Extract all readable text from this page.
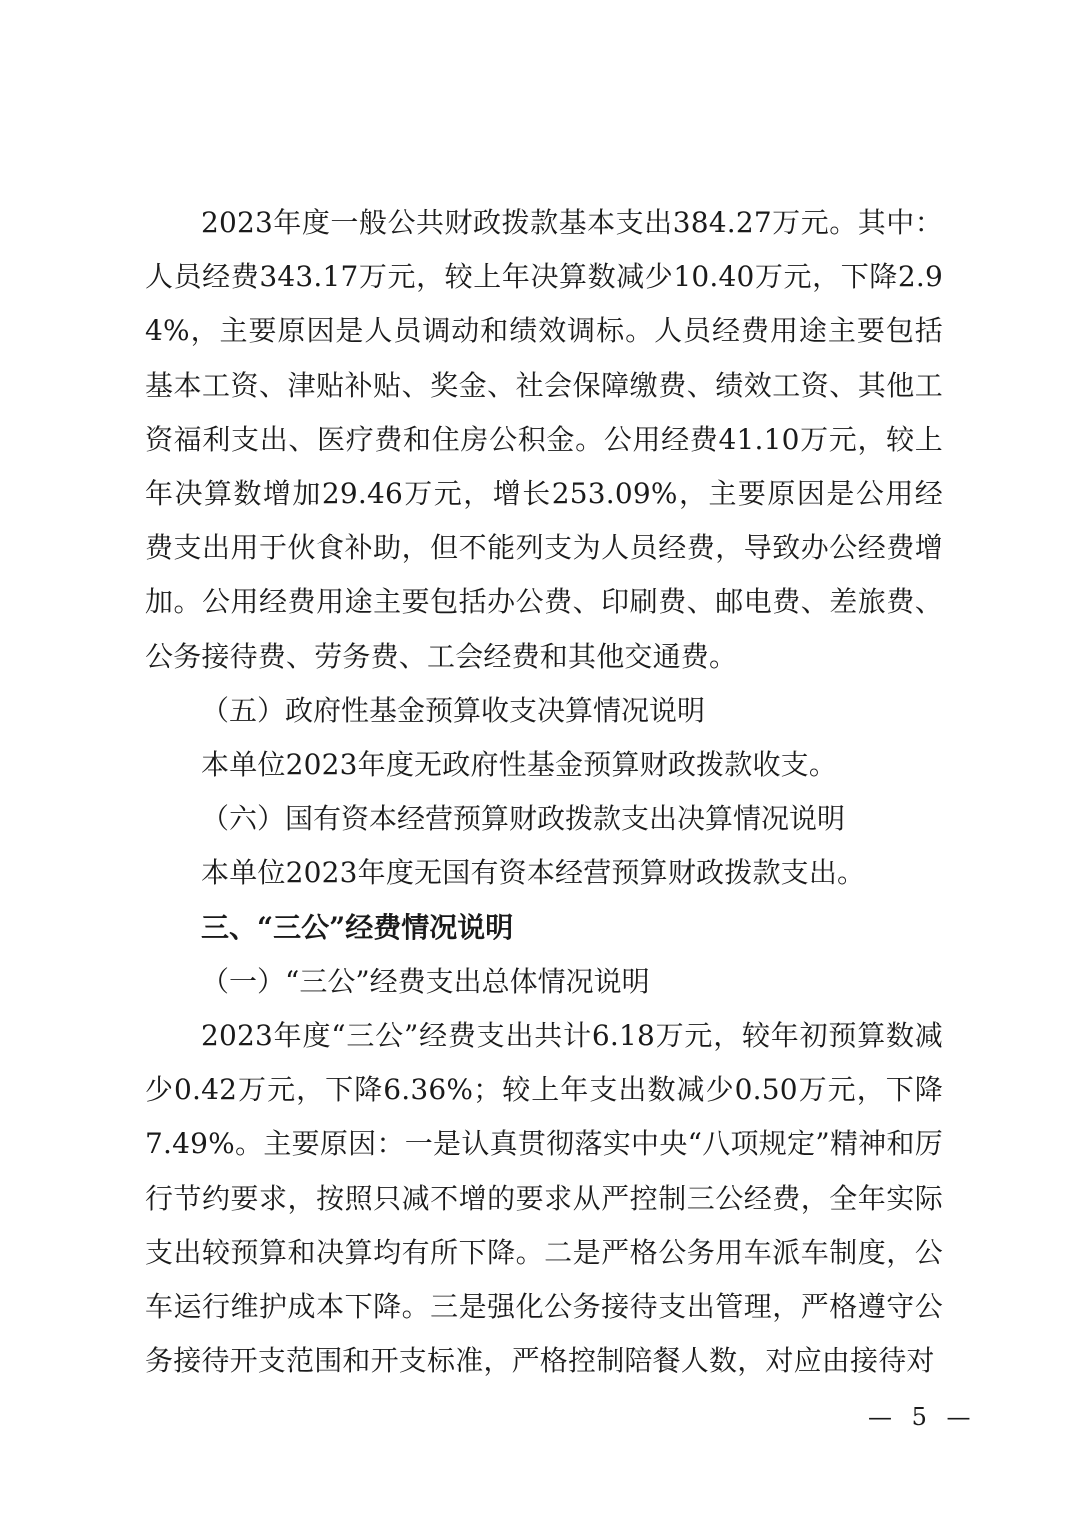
2023年度一般公共财政拨款基本支出384.27万元。其中：人员经费343.17万元，较上年决算数减少10.40万元，下降2.94%，主要原因是人员调动和绩效调标。人员经费用途主要包括基本工资、津贴补贴、奖金、社会保障缴费、绩效工资、其他工资福利支出、医疗费和住房公积金。公用经费41.10万元，较上年决算数增加29.46万元，增长253.09%，主要原因是公用经费支出用于伙食补助，但不能列支为人员经费，导致办公经费增加。公用经费用途主要包括办公费、印刷费、邮电费、差旅费、公务接待费、劳务费、工会经费和其他交通费。

（五）政府性基金预算收支决算情况说明

本单位2023年度无政府性基金预算财政拨款收支。

（六）国有资本经营预算财政拨款支出决算情况说明

本单位2023年度无国有资本经营预算财政拨款支出。

三、“三公”经费情况说明

（一）“三公”经费支出总体情况说明

2023年度“三公”经费支出共计6.18万元，较年初预算数减少0.42万元，下降6.36%；较上年支出数减少0.50万元，下降7.49%。主要原因：一是认真贯彻落实中央“八项规定”精神和厉行节约要求，按照只减不增的要求从严控制三公经费，全年实际支出较预算和决算均有所下降。二是严格公务用车派车制度，公车运行维护成本下降。三是强化公务接待支出管理，严格遵守公务接待开支范围和开支标准，严格控制陪餐人数，对应由接待对

— 5 —
